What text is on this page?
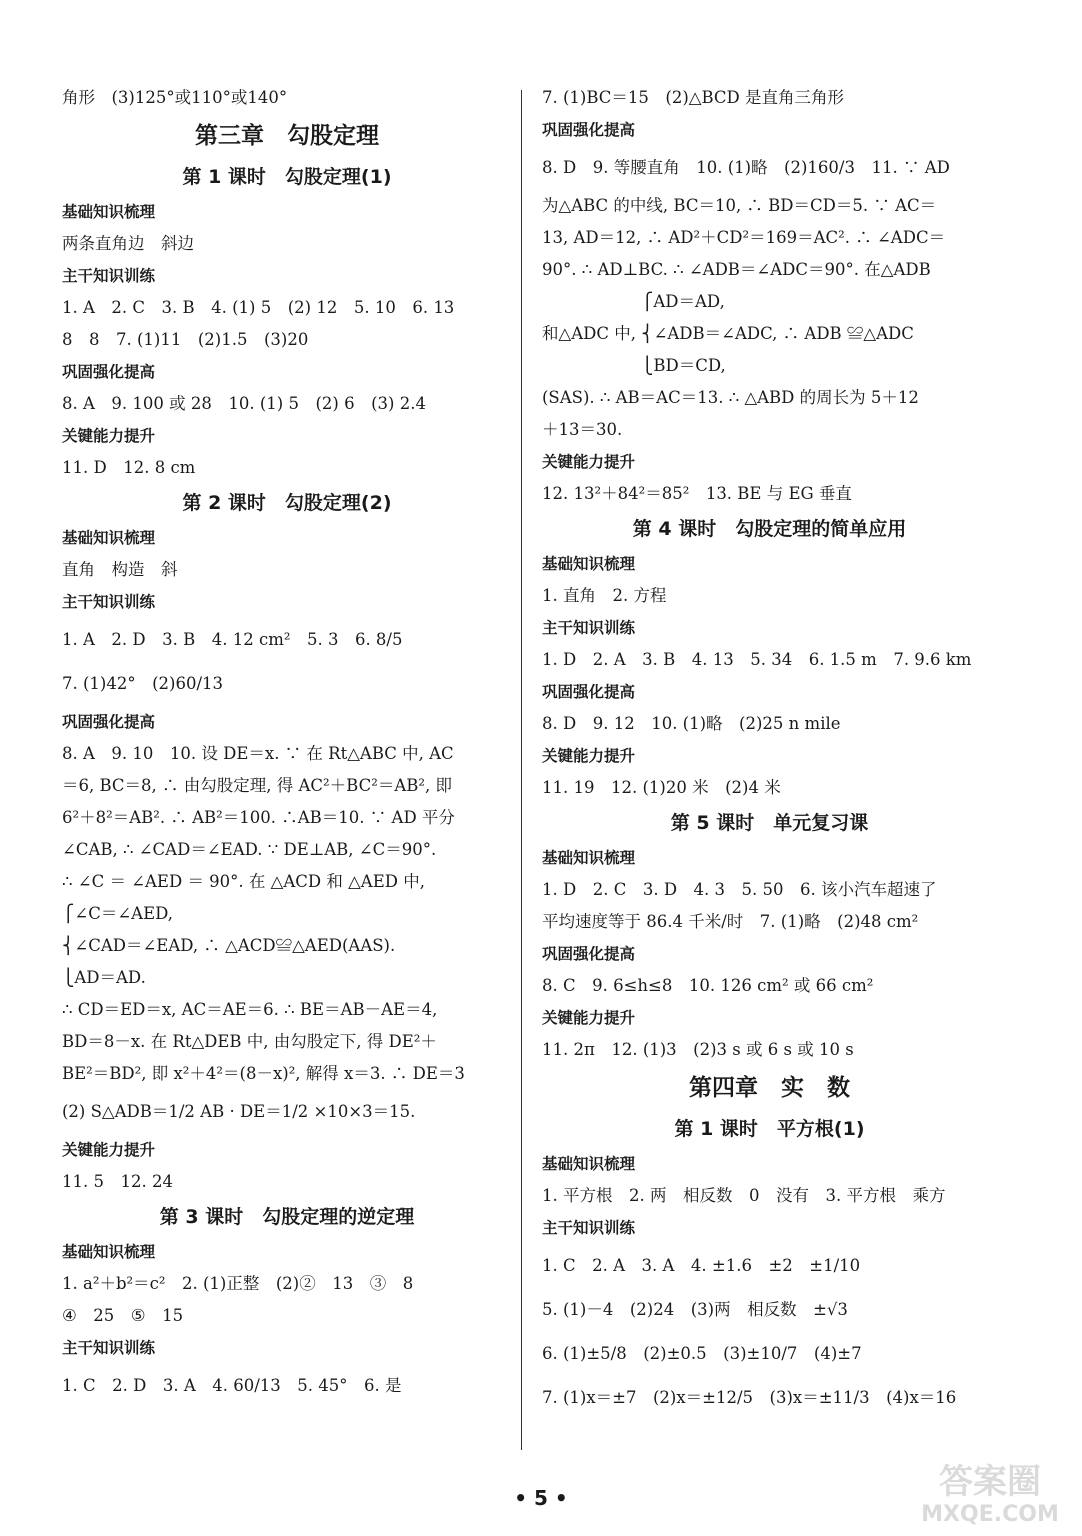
角形　(3)125°或110°或140°
第三章　勾股定理
第 1 课时　勾股定理(1)
基础知识梳理
两条直角边　斜边
主干知识训练
1. A　2. C　3. B　4. (1) 5　(2) 12　5. 10　6. 13
8　8　7. (1)11　(2)1.5　(3)20
巩固强化提高
8. A　9. 100 或 28　10. (1) 5　(2) 6　(3) 2.4
关键能力提升
11. D　12. 8 cm
第 2 课时　勾股定理(2)
基础知识梳理
直角　构造　斜
主干知识训练
1. A　2. D　3. B　4. 12 cm²　5. 3　6. 8/5
7. (1)42°　(2)60/13
巩固强化提高
8. A　9. 10　10. 设 DE＝x. ∵ 在 Rt△ABC 中, AC
＝6, BC＝8, ∴ 由勾股定理, 得 AC²＋BC²＝AB², 即
6²＋8²＝AB². ∴ AB²＝100. ∴AB＝10. ∵ AD 平分
∠CAB, ∴ ∠CAD＝∠EAD. ∵ DE⊥AB, ∠C＝90°.
∴ ∠C ＝ ∠AED ＝ 90°. 在 △ACD 和 △AED 中,
⎧∠C＝∠AED,
⎨∠CAD＝∠EAD, ∴ △ACD≌△AED(AAS).
⎩AD＝AD.
∴ CD＝ED＝x, AC＝AE＝6. ∴ BE＝AB－AE＝4,
BD＝8－x. 在 Rt△DEB 中, 由勾股定下, 得 DE²＋
BE²＝BD², 即 x²＋4²＝(8－x)², 解得 x＝3. ∴ DE＝3
(2) S△ADB＝1/2 AB · DE＝1/2 ×10×3＝15.
关键能力提升
11. 5　12. 24
第 3 课时　勾股定理的逆定理
基础知识梳理
1. a²＋b²＝c²　2. (1)正整　(2)②　13　③　8
④　25　⑤　15
主干知识训练
1. C　2. D　3. A　4. 60/13　5. 45°　6. 是
7. (1)BC＝15　(2)△BCD 是直角三角形
巩固强化提高
8. D　9. 等腰直角　10. (1)略　(2)160/3　11. ∵ AD
为△ABC 的中线, BC＝10, ∴ BD＝CD＝5. ∵ AC＝
13, AD＝12, ∴ AD²＋CD²＝169＝AC². ∴ ∠ADC＝
90°. ∴ AD⊥BC. ∴ ∠ADB＝∠ADC＝90°. 在△ADB
　　　　　　⎧AD＝AD,
和△ADC 中, ⎨∠ADB＝∠ADC, ∴ ADB ≌△ADC
　　　　　　⎩BD＝CD,
(SAS). ∴ AB＝AC＝13. ∴ △ABD 的周长为 5＋12
＋13＝30.
关键能力提升
12. 13²＋84²＝85²　13. BE 与 EG 垂直
第 4 课时　勾股定理的简单应用
基础知识梳理
1. 直角　2. 方程
主干知识训练
1. D　2. A　3. B　4. 13　5. 34　6. 1.5 m　7. 9.6 km
巩固强化提高
8. D　9. 12　10. (1)略　(2)25 n mile
关键能力提升
11. 19　12. (1)20 米　(2)4 米
第 5 课时　单元复习课
基础知识梳理
1. D　2. C　3. D　4. 3　5. 50　6. 该小汽车超速了
平均速度等于 86.4 千米/时　7. (1)略　(2)48 cm²
巩固强化提高
8. C　9. 6≤h≤8　10. 126 cm² 或 66 cm²
关键能力提升
11. 2π　12. (1)3　(2)3 s 或 6 s 或 10 s
第四章　实　数
第 1 课时　平方根(1)
基础知识梳理
1. 平方根　2. 两　相反数　0　没有　3. 平方根　乘方
主干知识训练
1. C　2. A　3. A　4. ±1.6　±2　±1/10
5. (1)－4　(2)24　(3)两　相反数　±√3
6. (1)±5/8　(2)±0.5　(3)±10/7　(4)±7
7. (1)x＝±7　(2)x＝±12/5　(3)x＝±11/3　(4)x＝16
• 5 •	答案圈
MXQE.COM
